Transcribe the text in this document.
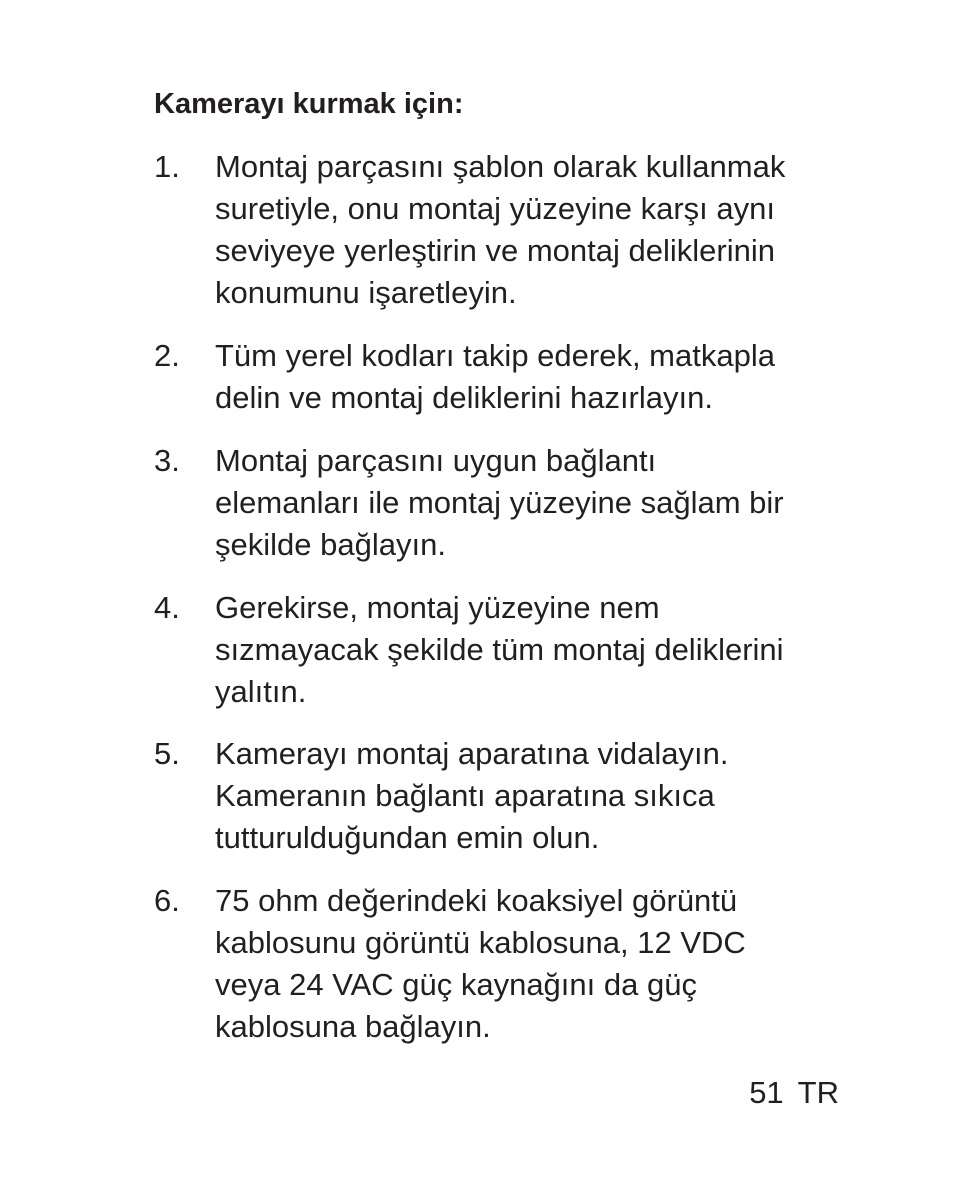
Kamerayı kurmak için:
1.	Montaj parçasını şablon olarak kullanmak
suretiyle, onu montaj yüzeyine karşı aynı
seviyeye yerleştirin ve montaj deliklerinin
konumunu işaretleyin.
2.	Tüm yerel kodları takip ederek, matkapla
delin ve montaj deliklerini hazırlayın.
3.	Montaj parçasını uygun bağlantı
elemanları ile montaj yüzeyine sağlam bir
şekilde bağlayın.
4.	Gerekirse, montaj yüzeyine nem
sızmayacak şekilde tüm montaj deliklerini
yalıtın.
5.	Kamerayı montaj aparatına vidalayın.
Kameranın bağlantı aparatına sıkıca
tutturulduğundan emin olun.
6.	75 ohm değerindeki koaksiyel görüntü
kablosunu görüntü kablosuna, 12 VDC
veya 24 VAC güç kaynağını da güç
kablosuna bağlayın.
51 TR
